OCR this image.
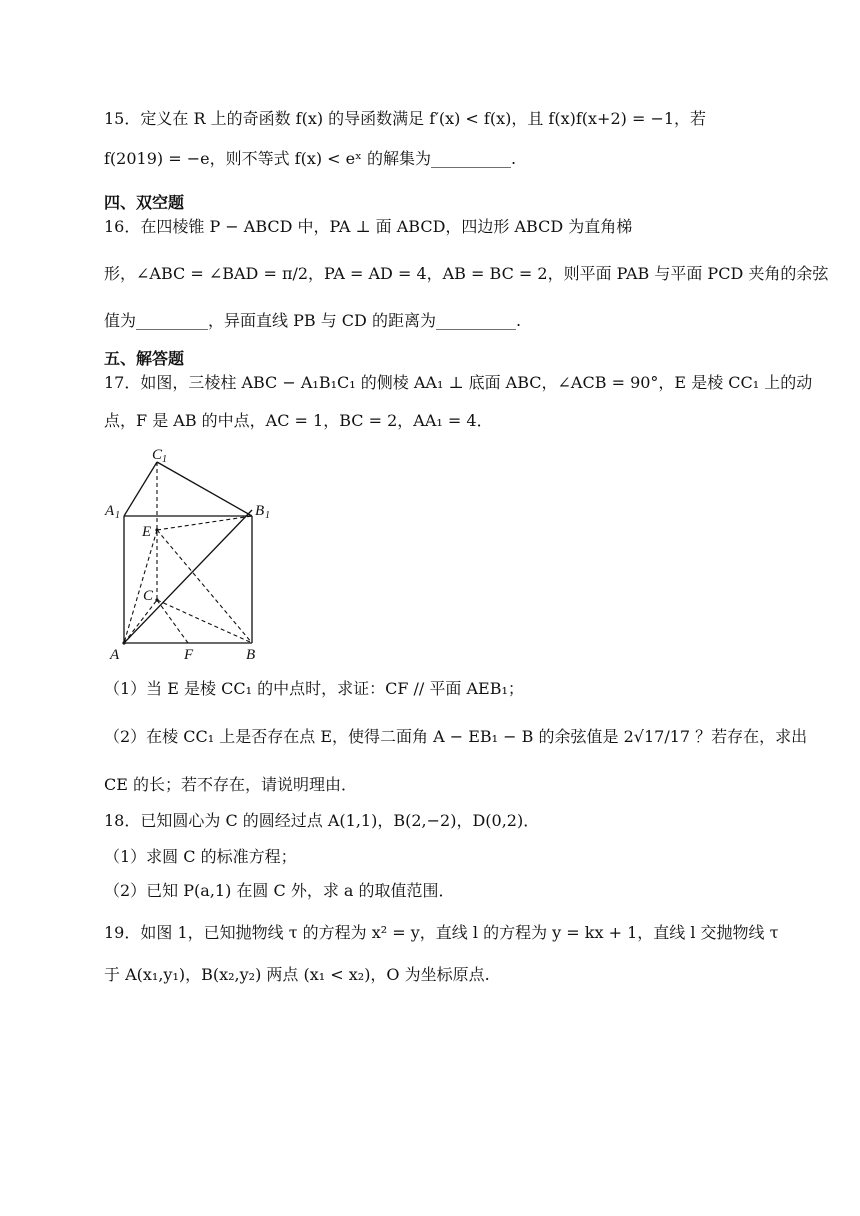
15．定义在 R 上的奇函数 f(x) 的导函数满足 f′(x) < f(x)，且 f(x)f(x+2) = −1，若
f(2019) = −e，则不等式 f(x) < eˣ 的解集为__________.
四、双空题
16．在四棱锥 P − ABCD 中，PA ⊥ 面 ABCD，四边形 ABCD 为直角梯
形，∠ABC = ∠BAD = π/2，PA = AD = 4，AB = BC = 2，则平面 PAB 与平面 PCD 夹角的余弦
值为_________，异面直线 PB 与 CD 的距离为__________.
五、解答题
17．如图，三棱柱 ABC − A₁B₁C₁ 的侧棱 AA₁ ⊥ 底面 ABC，∠ACB = 90°，E 是棱 CC₁ 上的动
点，F 是 AB 的中点，AC = 1，BC = 2，AA₁ = 4．
C 1
A 1	B 1
E
C
A	F	B
（1）当 E 是棱 CC₁ 的中点时，求证：CF // 平面 AEB₁；
（2）在棱 CC₁ 上是否存在点 E，使得二面角 A − EB₁ − B 的余弦值是 2√17/17 ？若存在，求出
CE 的长；若不存在，请说明理由．
18．已知圆心为 C 的圆经过点 A(1,1)，B(2,−2)，D(0,2)．
（1）求圆 C 的标准方程；
（2）已知 P(a,1) 在圆 C 外，求 a 的取值范围．
19．如图 1，已知抛物线 τ 的方程为 x² = y，直线 l 的方程为 y = kx + 1，直线 l 交抛物线 τ
于 A(x₁,y₁)，B(x₂,y₂) 两点 (x₁ < x₂)，O 为坐标原点.
